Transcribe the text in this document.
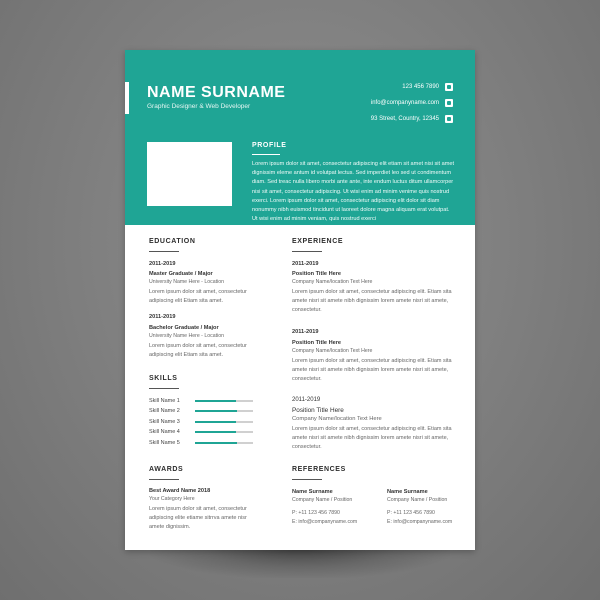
NAME SURNAME
Graphic Designer & Web Developer
123 456 7890
info@companyname.com
93 Street, Country, 12345
PROFILE
Lorem ipsum dolor sit amet, consectetur adipiscing elit etiam sit amet nisi sit amet dignissim eleme antum id volutpat lectus. Sed imperdiet leo sed ut condimentum diam. Sed treac nulla libero morbi ante ante, inte endum luctus ditum ullamcorper nisi sit amet, consectetur adipiscing. Ut wisi enim ad minim venime quis nostrud exerci. Lorem ipsum dolor sit amet, consectetur adipiscing elit dolor sit diam nonummy nibh euismod tincidunt ut laoreet dolore magna aliquam erat volutpat. Ut wisi enim ad minim veniam, quis nostrud exerci
EDUCATION
2011-2019
Master Graduate / Major
University Name Here - Location
Lorem ipsum dolor sit amet, consectetur adipiscing elit Etiam sita amet.
2011-2019
Bachelor Graduate / Major
University Name Here - Location
Lorem ipsum dolor sit amet, consectetur adipiscing elit Etiam sita amet.
SKILLS
Skill Name 1
Skill Name 2
Skill Name 3
Skill Name 4
Skill Name 5
AWARDS
Best Award Name 2018
Your Category Here
Lorem ipsum dolor sit amet, consectetur adipiscing elite etiame sitrrva amete nisr amete dignissim.
EXPERIENCE
2011-2019
Position Title Here
Company Name/location Text Here
Lorem ipsum dolor sit amet, consectetur adipiscing elit. Etiam sita amete nisri sit amete nibh dignissim lorem amete nisri sit amete, consectetur.
2011-2019
Position Title Here
Company Name/location Text Here
Lorem ipsum dolor sit amet, consectetur adipiscing elit. Etiam sita amete nisri sit amete nibh dignissim lorem amete nisri sit amete, consectetur.
2011-2019
Position Title Here
Company Name/location Text Here
Lorem ipsum dolor sit amet, consectetur adipiscing elit. Etiam sita amete nisri sit amete nibh dignissim lorem amete nisri sit amete, consectetur.
REFERENCES
Name Surname
Company Name / Position
P: +11 123 456 7890
E: info@companyname.com
Name Surname
Company Name / Position
P: +11 123 456 7890
E: info@companyname.com
